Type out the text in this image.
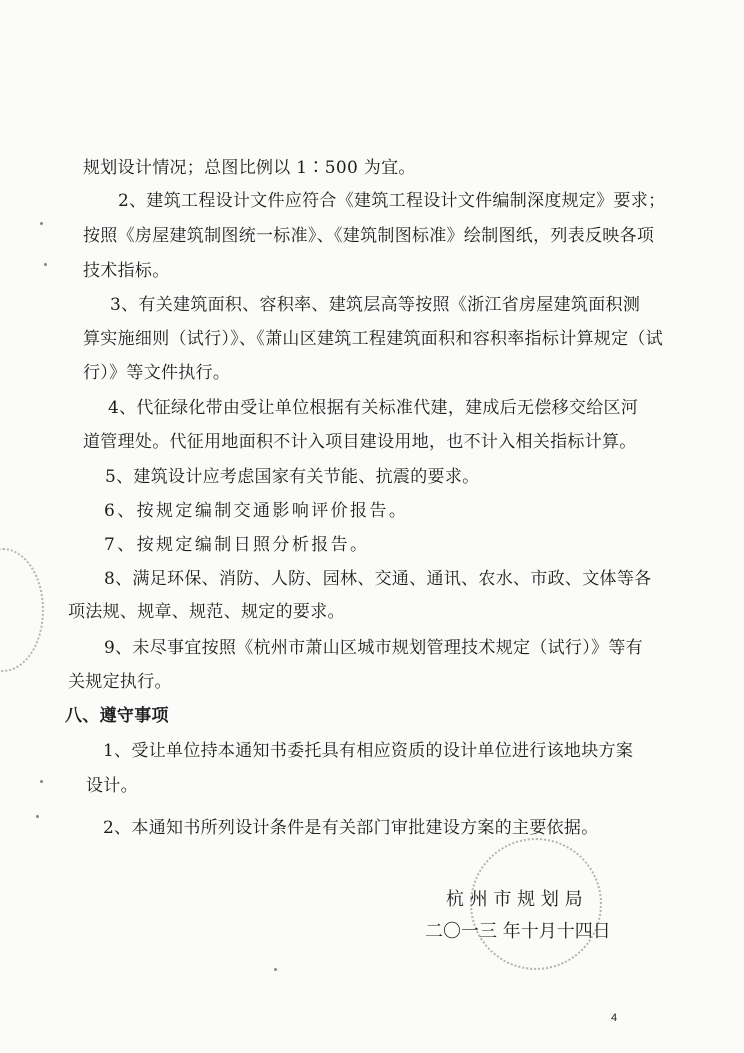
规划设计情况；总图比例以 1∶500 为宜。
2、建筑工程设计文件应符合《建筑工程设计文件编制深度规定》要求；
按照《房屋建筑制图统一标准》、《建筑制图标准》绘制图纸，列表反映各项
技术指标。
3、有关建筑面积、容积率、建筑层高等按照《浙江省房屋建筑面积测
算实施细则（试行）》、《萧山区建筑工程建筑面积和容积率指标计算规定（试
行）》等文件执行。
4、代征绿化带由受让单位根据有关标准代建，建成后无偿移交给区河
道管理处。代征用地面积不计入项目建设用地，也不计入相关指标计算。
5、建筑设计应考虑国家有关节能、抗震的要求。
6、按规定编制交通影响评价报告。
7、按规定编制日照分析报告。
8、满足环保、消防、人防、园林、交通、通讯、农水、市政、文体等各
项法规、规章、规范、规定的要求。
9、未尽事宜按照《杭州市萧山区城市规划管理技术规定（试行）》等有
关规定执行。
八、遵守事项
1、受让单位持本通知书委托具有相应资质的设计单位进行该地块方案
设计。
2、本通知书所列设计条件是有关部门审批建设方案的主要依据。
杭 州 市 规 划 局
二〇一三 年十月十四日
4
